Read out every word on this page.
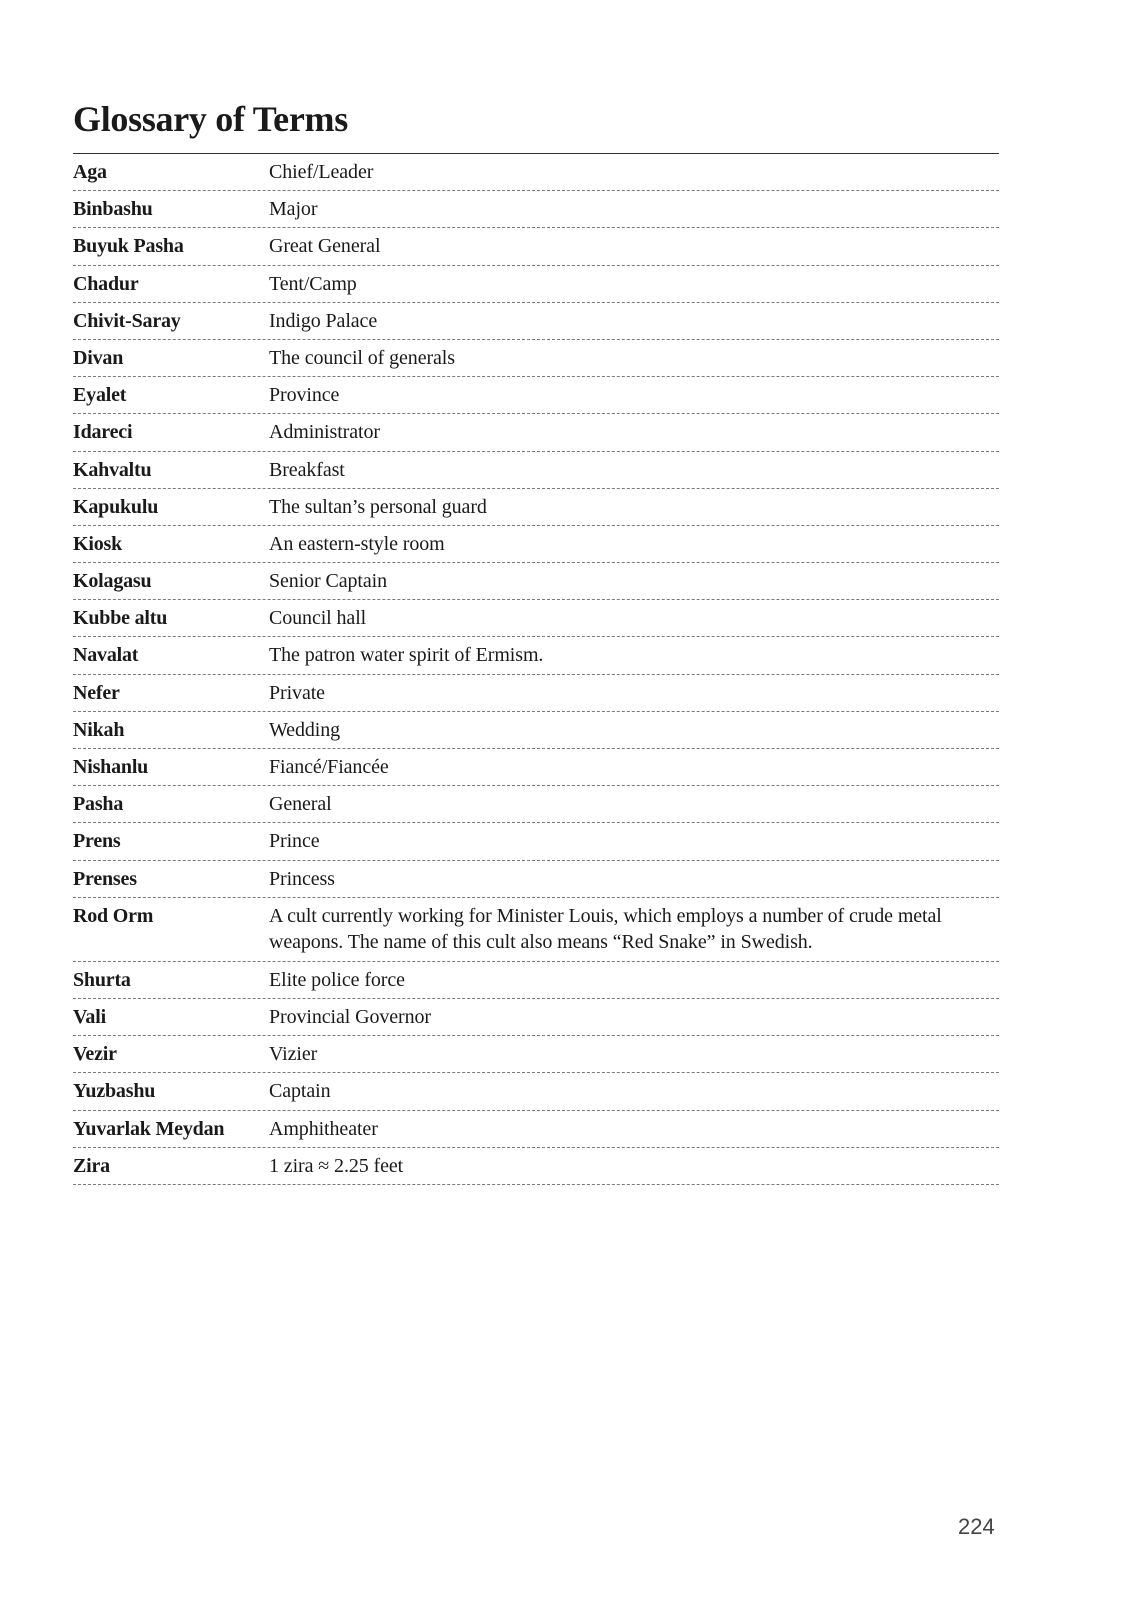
Glossary of Terms
Aga	Chief/Leader
Binbashu	Major
Buyuk Pasha	Great General
Chadur	Tent/Camp
Chivit-Saray	Indigo Palace
Divan	The council of generals
Eyalet	Province
Idareci	Administrator
Kahvaltu	Breakfast
Kapukulu	The sultan’s personal guard
Kiosk	An eastern-style room
Kolagasu	Senior Captain
Kubbe altu	Council hall
Navalat	The patron water spirit of Ermism.
Nefer	Private
Nikah	Wedding
Nishanlu	Fiancé/Fiancée
Pasha	General
Prens	Prince
Prenses	Princess
Rod Orm	A cult currently working for Minister Louis, which employs a number of crude metal weapons. The name of this cult also means “Red Snake” in Swedish.
Shurta	Elite police force
Vali	Provincial Governor
Vezir	Vizier
Yuzbashu	Captain
Yuvarlak Meydan	Amphitheater
Zira	1 zira ≈ 2.25 feet
224
